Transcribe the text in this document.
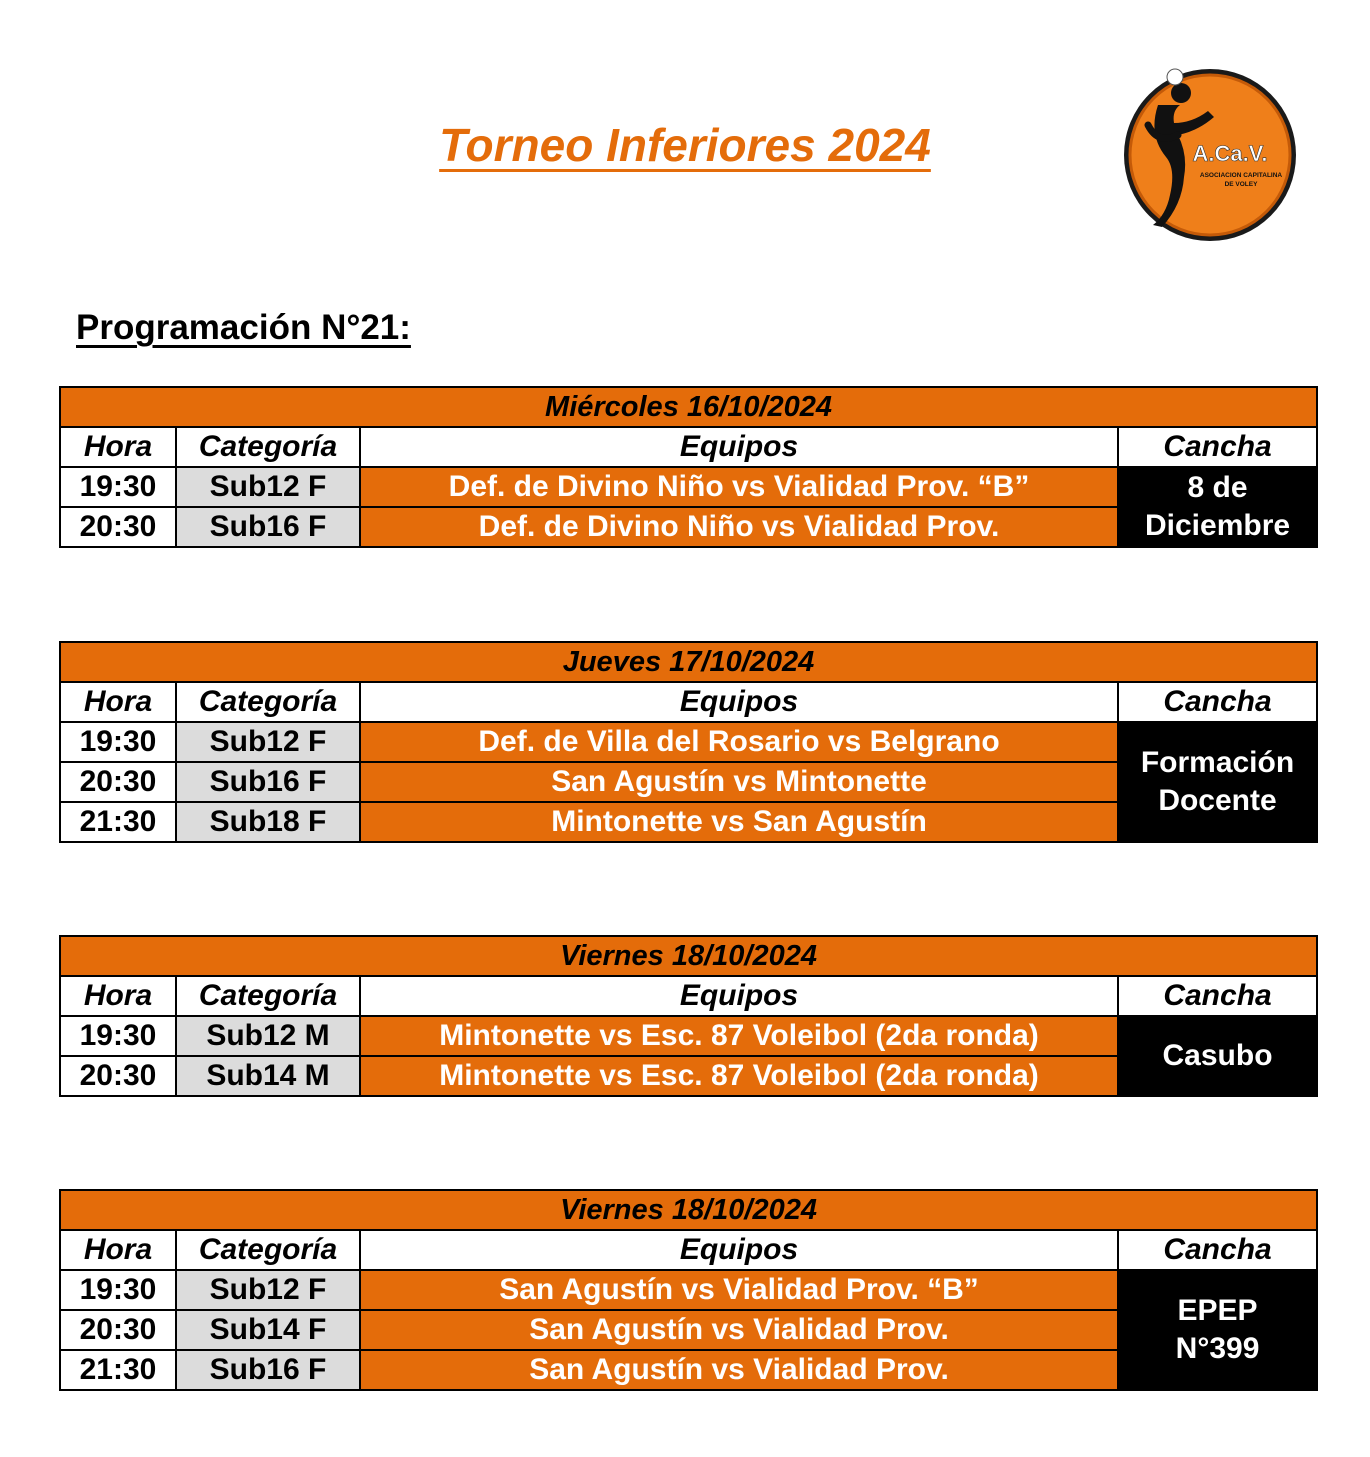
Torneo Inferiores 2024	A.Ca.V.
ASOCIACION CAPITALINA
DE VOLEY
Programación N°21:
Miércoles 16/10/2024			
Hora	Categoría	Equipos	Cancha
19:30	Sub12 F	Def. de Divino Niño vs Vialidad Prov. “B”	8 de
Diciembre
20:30	Sub16 F	Def. de Divino Niño vs Vialidad Prov.	
Jueves 17/10/2024			
Hora	Categoría	Equipos	Cancha
19:30	Sub12 F	Def. de Villa del Rosario vs Belgrano	Formación
Docente
20:30	Sub16 F	San Agustín vs Mintonette	
21:30	Sub18 F	Mintonette vs San Agustín	
Viernes 18/10/2024			
Hora	Categoría	Equipos	Cancha
19:30	Sub12 M	Mintonette vs Esc. 87 Voleibol (2da ronda)	Casubo
20:30	Sub14 M	Mintonette vs Esc. 87 Voleibol (2da ronda)	
Viernes 18/10/2024			
Hora	Categoría	Equipos	Cancha
19:30	Sub12 F	San Agustín vs Vialidad Prov. “B”	EPEP
N°399
20:30	Sub14 F	San Agustín vs Vialidad Prov.	
21:30	Sub16 F	San Agustín vs Vialidad Prov.	
